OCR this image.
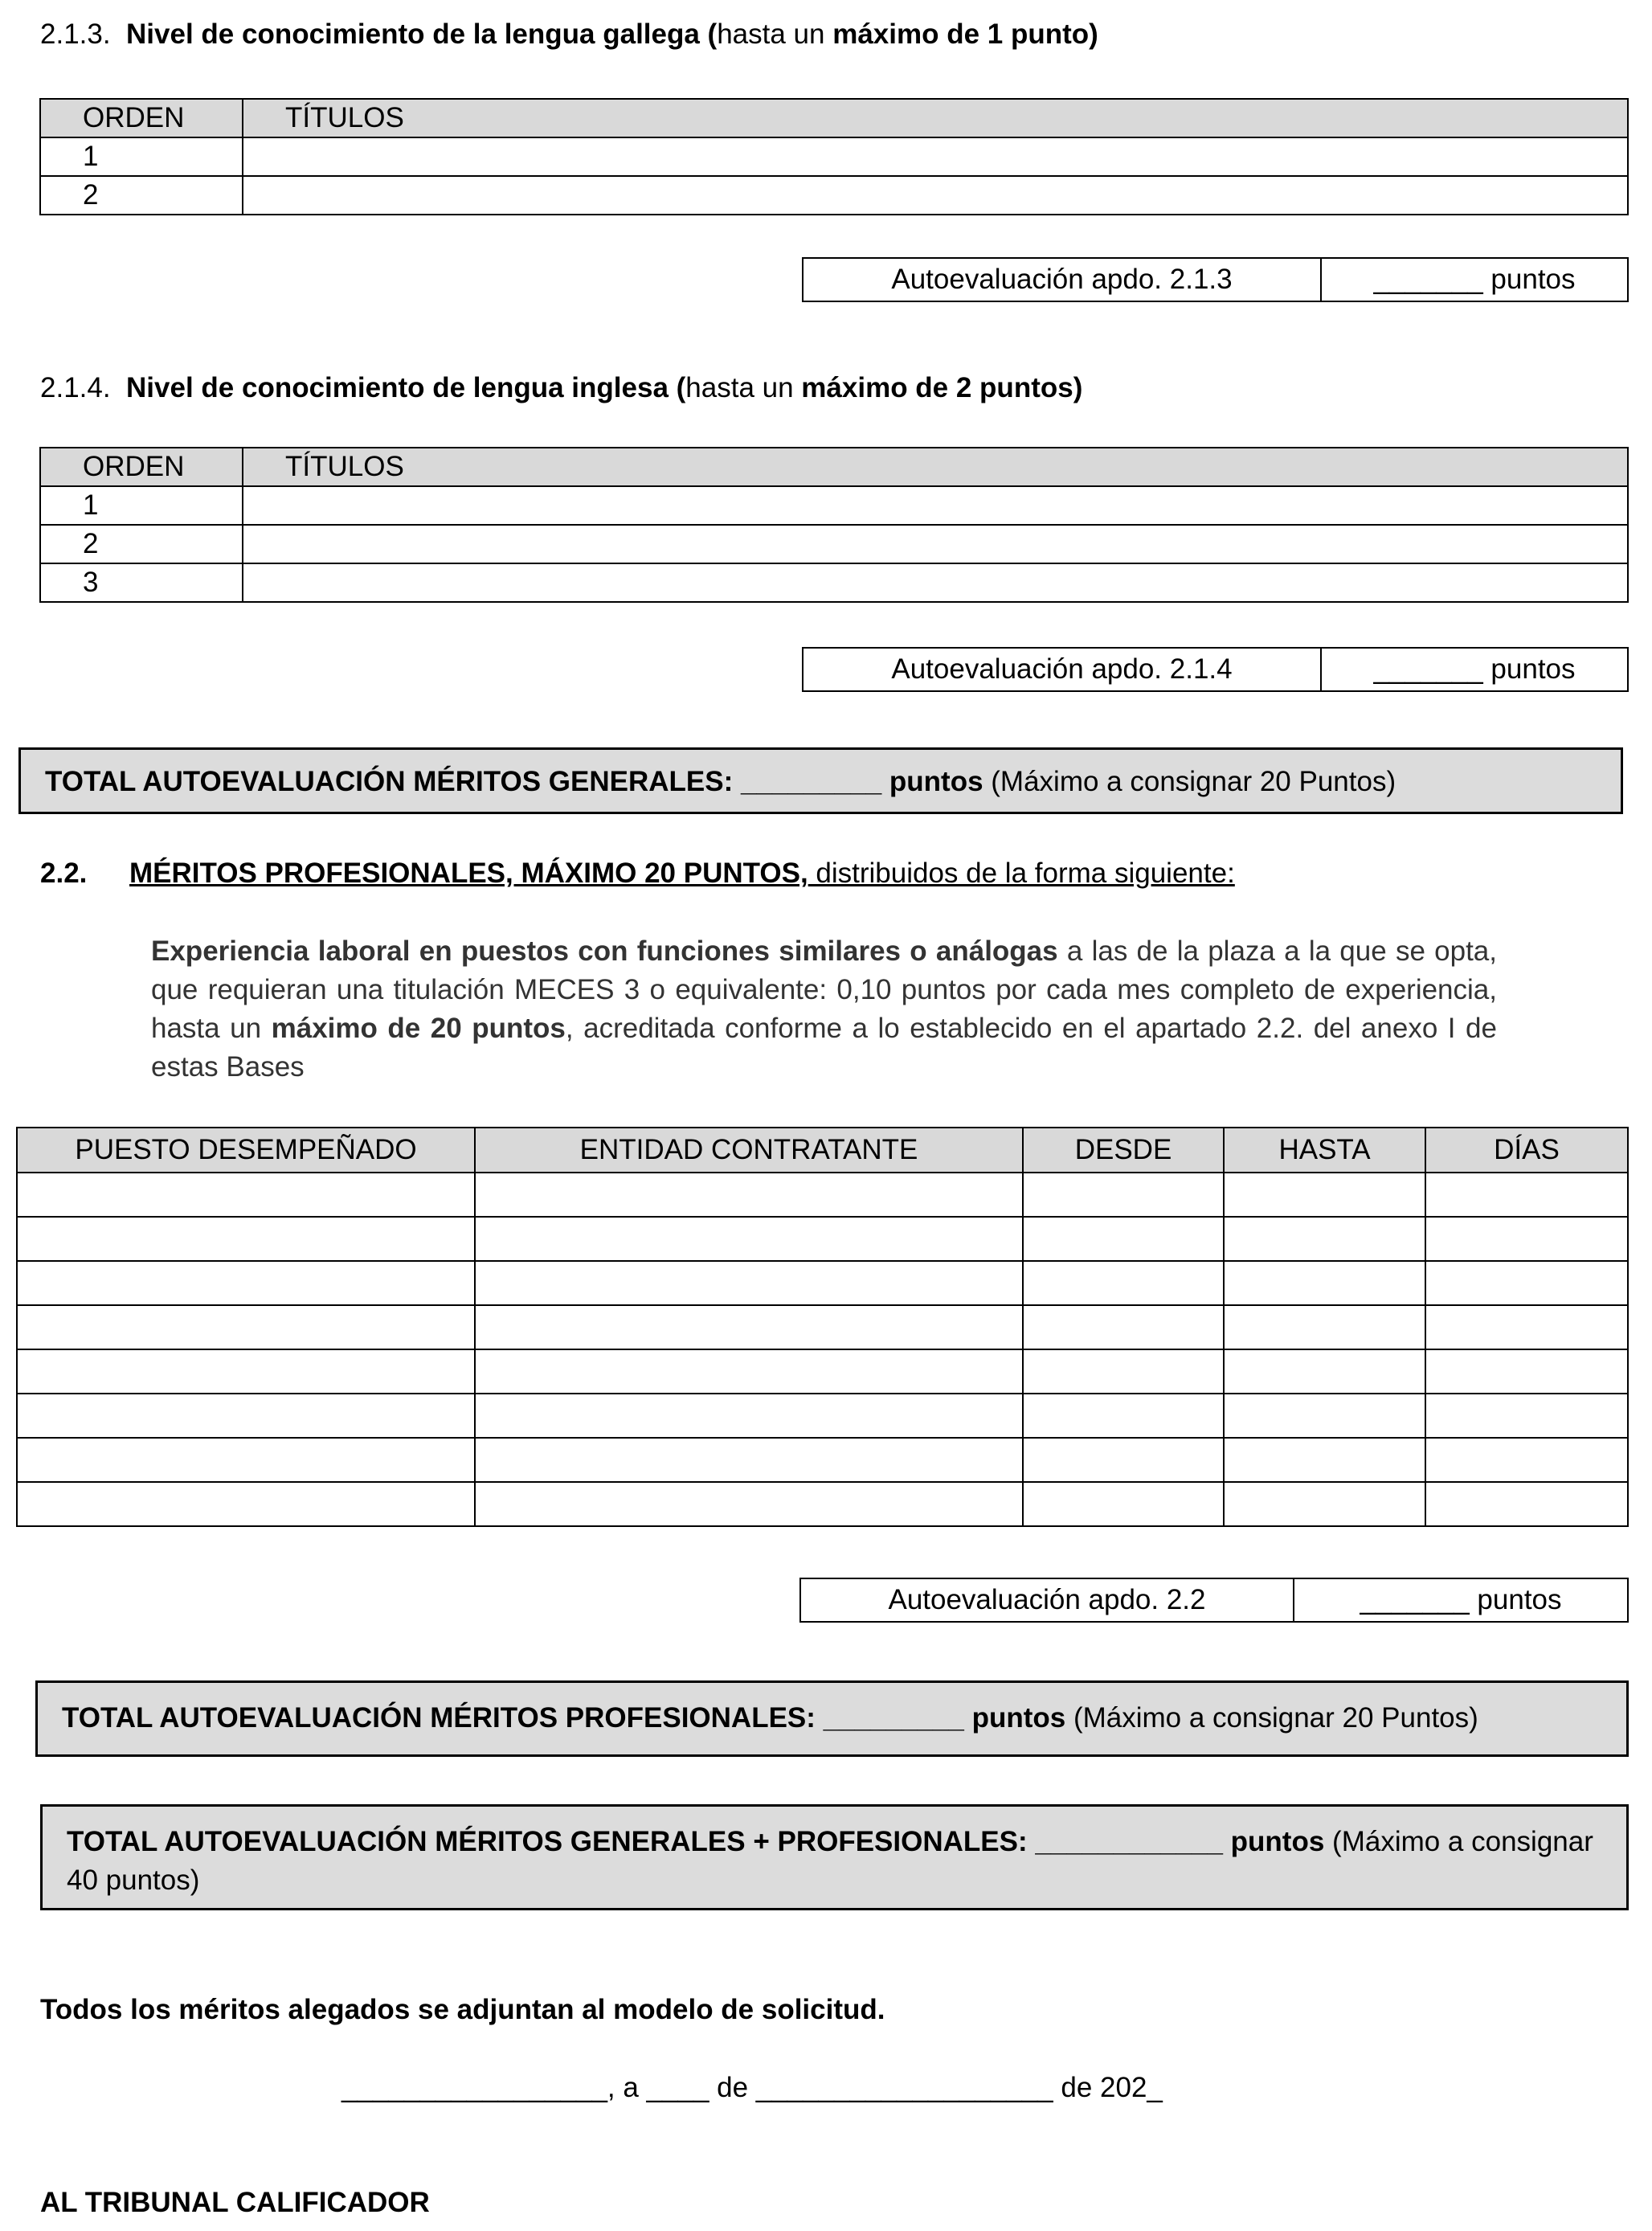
2.1.3. Nivel de conocimiento de la lengua gallega (hasta un máximo de 1 punto)
ORDEN	TÍTULOS
1	
2	
Autoevaluación apdo. 2.1.3	_______ puntos
2.1.4. Nivel de conocimiento de lengua inglesa (hasta un máximo de 2 puntos)
ORDEN	TÍTULOS
1	
2	
3	
Autoevaluación apdo. 2.1.4	_______ puntos
TOTAL AUTOEVALUACIÓN MÉRITOS GENERALES: _________ puntos (Máximo a consignar 20 Puntos)
2.2. MÉRITOS PROFESIONALES, MÁXIMO 20 PUNTOS, distribuidos de la forma siguiente:
Experiencia laboral en puestos con funciones similares o análogas a las de la plaza a la que se opta, que requieran una titulación MECES 3 o equivalente: 0,10 puntos por cada mes completo de experiencia, hasta un máximo de 20 puntos, acreditada conforme a lo establecido en el apartado 2.2. del anexo I de estas Bases
PUESTO DESEMPEÑADO	ENTIDAD CONTRATANTE	DESDE	HASTA	DÍAS

Autoevaluación apdo. 2.2	_______ puntos
TOTAL AUTOEVALUACIÓN MÉRITOS PROFESIONALES: _________ puntos (Máximo a consignar 20 Puntos)
TOTAL AUTOEVALUACIÓN MÉRITOS GENERALES + PROFESIONALES: ____________ puntos (Máximo a consignar 40 puntos)
Todos los méritos alegados se adjuntan al modelo de solicitud.
_________________, a ____ de ___________________ de 202_
AL TRIBUNAL CALIFICADOR
